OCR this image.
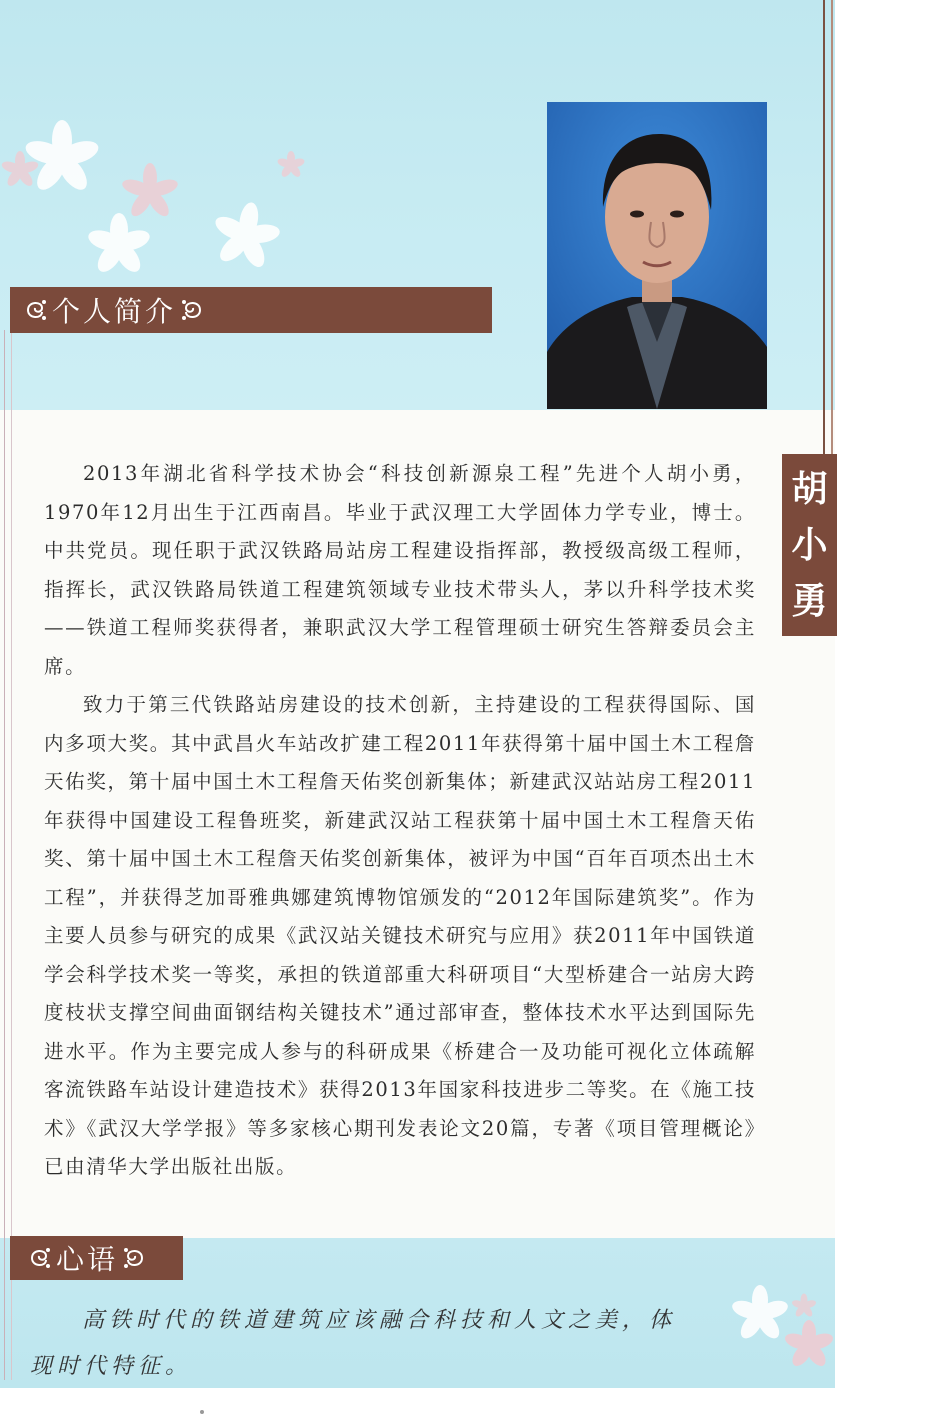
个人简介
胡
小
勇

2013年湖北省科学技术协会“科技创新源泉工程”先进个人胡小勇，1970年12月出生于江西南昌。毕业于武汉理工大学固体力学专业，博士。中共党员。现任职于武汉铁路局站房工程建设指挥部，教授级高级工程师，指挥长，武汉铁路局铁道工程建筑领域专业技术带头人，茅以升科学技术奖——铁道工程师奖获得者，兼职武汉大学工程管理硕士研究生答辩委员会主席。

致力于第三代铁路站房建设的技术创新，主持建设的工程获得国际、国内多项大奖。其中武昌火车站改扩建工程2011年获得第十届中国土木工程詹天佑奖，第十届中国土木工程詹天佑奖创新集体；新建武汉站站房工程2011年获得中国建设工程鲁班奖，新建武汉站工程获第十届中国土木工程詹天佑奖、第十届中国土木工程詹天佑奖创新集体，被评为中国“百年百项杰出土木工程”，并获得芝加哥雅典娜建筑博物馆颁发的“2012年国际建筑奖”。作为主要人员参与研究的成果《武汉站关键技术研究与应用》获2011年中国铁道学会科学技术奖一等奖，承担的铁道部重大科研项目“大型桥建合一站房大跨度枝状支撑空间曲面钢结构关键技术”通过部审查，整体技术水平达到国际先进水平。作为主要完成人参与的科研成果《桥建合一及功能可视化立体疏解客流铁路车站设计建造技术》获得2013年国家科技进步二等奖。在《施工技术》《武汉大学学报》等多家核心期刊发表论文20篇，专著《项目管理概论》已由清华大学出版社出版。

心语
高铁时代的铁道建筑应该融合科技和人文之美，体
现时代特征。
